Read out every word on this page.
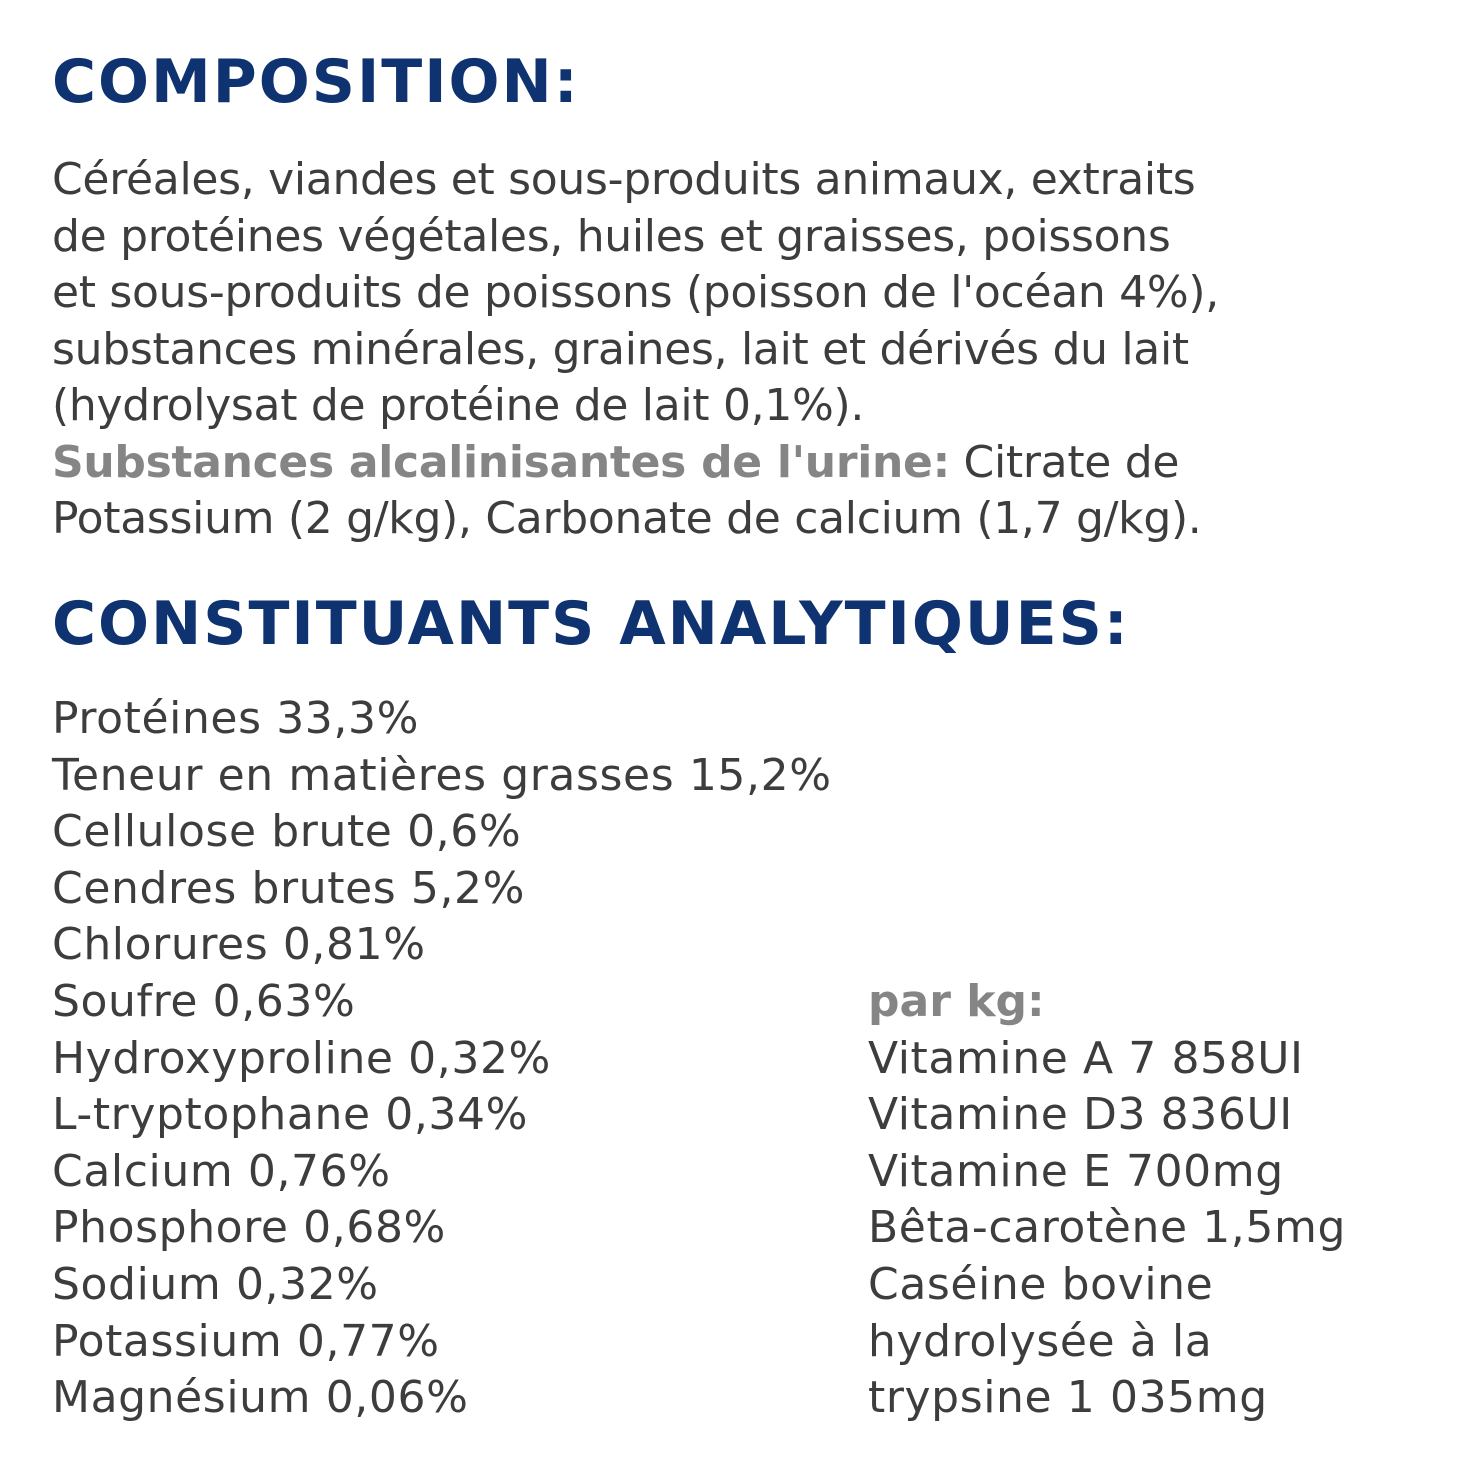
COMPOSITION:

Céréales, viandes et sous-produits animaux, extraits
de protéines végétales, huiles et graisses, poissons
et sous-produits de poissons (poisson de l'océan 4%),
substances minérales, graines, lait et dérivés du lait
(hydrolysat de protéine de lait 0,1%).
Substances alcalinisantes de l'urine: Citrate de
Potassium (2 g/kg), Carbonate de calcium (1,7 g/kg).

CONSTITUANTS ANALYTIQUES:
Protéines 33,3%
Teneur en matières grasses 15,2%
Cellulose brute 0,6%
Cendres brutes 5,2%
Chlorures 0,81%
Soufre 0,63%
Hydroxyproline 0,32%
L-tryptophane 0,34%
Calcium 0,76%
Phosphore 0,68%
Sodium 0,32%
Potassium 0,77%
Magnésium 0,06%
par kg:
Vitamine A 7 858UI
Vitamine D3 836UI
Vitamine E 700mg
Bêta-carotène 1,5mg
Caséine bovine
hydrolysée à la
trypsine 1 035mg
